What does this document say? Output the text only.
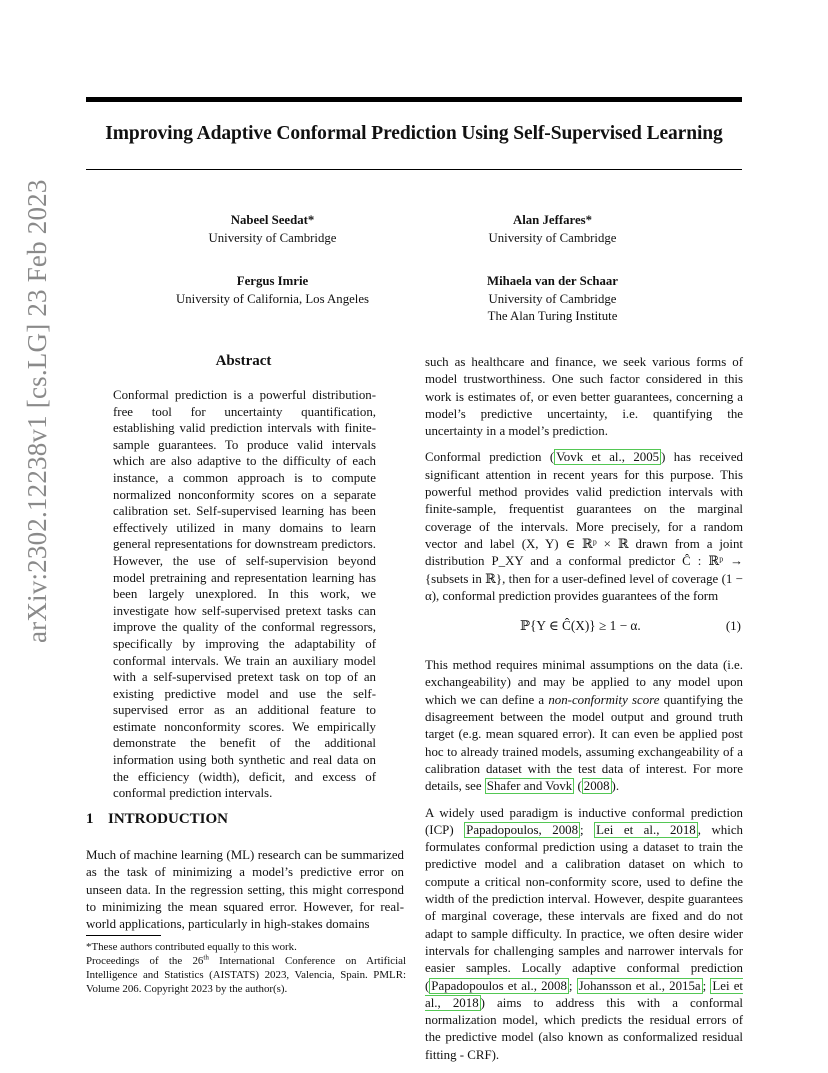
Improving Adaptive Conformal Prediction Using Self-Supervised Learning
arXiv:2302.12238v1 [cs.LG] 23 Feb 2023	Nabeel Seedat*
University of Cambridge
Alan Jeffares*
University of Cambridge
Fergus Imrie
University of California, Los Angeles
Mihaela van der Schaar
University of Cambridge
The Alan Turing Institute
Abstract

Conformal prediction is a powerful distribution-free tool for uncertainty quantification, establishing valid prediction intervals with finite-sample guarantees. To produce valid intervals which are also adaptive to the difficulty of each instance, a common approach is to compute normalized nonconformity scores on a separate calibration set. Self-supervised learning has been effectively utilized in many domains to learn general representations for downstream predictors. However, the use of self-supervision beyond model pretraining and representation learning has been largely unexplored. In this work, we investigate how self-supervised pretext tasks can improve the quality of the conformal regressors, specifically by improving the adaptability of conformal intervals. We train an auxiliary model with a self-supervised pretext task on top of an existing predictive model and use the self-supervised error as an additional feature to estimate nonconformity scores. We empirically demonstrate the benefit of the additional information using both synthetic and real data on the efficiency (width), deficit, and excess of conformal prediction intervals.

1 INTRODUCTION

Much of machine learning (ML) research can be summarized as the task of minimizing a model’s predictive error on unseen data. In the regression setting, this might correspond to minimizing the mean squared error. However, for real-world applications, particularly in high-stakes domains

*These authors contributed equally to this work.

Proceedings of the 26th International Conference on Artificial Intelligence and Statistics (AISTATS) 2023, Valencia, Spain. PMLR: Volume 206. Copyright 2023 by the author(s).

such as healthcare and finance, we seek various forms of model trustworthiness. One such factor considered in this work is estimates of, or even better guarantees, concerning a model’s predictive uncertainty, i.e. quantifying the uncertainty in a model’s prediction.

Conformal prediction ( Vovk et al., 2005 ) has received significant attention in recent years for this purpose. This powerful method provides valid prediction intervals with finite-sample, frequentist guarantees on the marginal coverage of the intervals. More precisely, for a random vector and label (X, Y) ∈ ℝᵖ × ℝ drawn from a joint distribution P_XY and a conformal predictor Ĉ : ℝᵖ → {subsets in ℝ}, then for a user-defined level of coverage (1 − α), conformal prediction provides guarantees of the form

ℙ{Y ∈ Ĉ(X)} ≥ 1 − α.	(1)

This method requires minimal assumptions on the data (i.e. exchangeability) and may be applied to any model upon which we can define a non-conformity score quantifying the disagreement between the model output and ground truth target (e.g. mean squared error). It can even be applied post hoc to already trained models, assuming exchangeability of a calibration dataset with the test data of interest. For more details, see Shafer and Vovk ( 2008 ).

A widely used paradigm is inductive conformal prediction (ICP) Papadopoulos, 2008 ; Lei et al., 2018 , which formulates conformal prediction using a dataset to train the predictive model and a calibration dataset on which to compute a critical non-conformity score, used to define the width of the prediction interval. However, despite guarantees of marginal coverage, these intervals are fixed and do not adapt to sample difficulty. In practice, we often desire wider intervals for challenging samples and narrower intervals for easier samples. Locally adaptive conformal prediction ( Papadopoulos et al., 2008 ; Johansson et al., 2015a ; Lei et al., 2018 ) aims to address this with a conformal normalization model, which predicts the residual errors of the predictive model (also known as conformalized residual fitting - CRF).
